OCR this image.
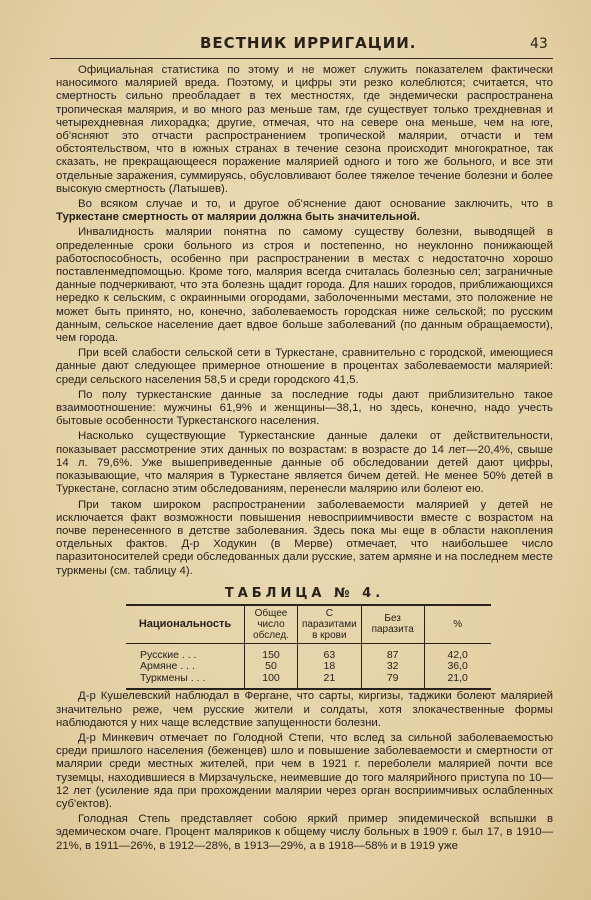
ВЕСТНИК ИРРИГАЦИИ.	43

Официальная статистика по этому и не может служить показателем фактически наносимого малярией вреда. Поэтому, и цифры эти резко колеблются; считается, что смертность сильно преобладает в тех местностях, где эндемически распространена тропическая малярия, и во много раз меньше там, где существует только трехдневная и четырехдневная лихорадка; другие, отмечая, что на севере она меньше, чем на юге, об'ясняют это отчасти распространением тропической малярии, отчасти и тем обстоятельством, что в южных странах в течение сезона происходит многократное, так сказать, не прекращающееся поражение малярией одного и того же больного, и все эти отдельные заражения, суммируясь, обусловливают более тяжелое течение болезни и более высокую смертность (Латышев).

Во всяком случае и то, и другое об'яснение дают основание заключить, что в Туркестане смертность от малярии должна быть значительной.

Инвалидность малярии понятна по самому существу болезни, выводящей в определенные сроки больного из строя и постепенно, но неуклонно понижающей работоспособность, особенно при распространении в местах с недостаточно хорошо поставленмедпомощью. Кроме того, малярия всегда считалась болезнью сел; заграничные данные подчеркивают, что эта болезнь щадит города. Для наших городов, приближающихся нередко к сельским, с окраинными огородами, заболоченными местами, это положение не может быть принято, но, конечно, заболеваемость городская ниже сельской; по русским данным, сельское население дает вдвое больше заболеваний (по данным обращаемости), чем города.

При всей слабости сельской сети в Туркестане, сравнительно с городской, имеющиеся данные дают следующее примерное отношение в процентах заболеваемости малярией: среди сельского населения 58,5 и среди городского 41,5.

По полу туркестанские данные за последние годы дают приблизительно такое взаимоотношение: мужчины 61,9% и женщины—38,1, но здесь, конечно, надо учесть бытовые особенности Туркестанского населения.

Насколько существующие Туркестанские данные далеки от действительности, показывает рассмотрение этих данных по возрастам: в возрасте до 14 лет—20,4%, свыше 14 л. 79,6%. Уже вышеприведенные данные об обследовании детей дают цифры, показывающие, что малярия в Туркестане является бичем детей. Не менее 50% детей в Туркестане, согласно этим обследованиям, перенесли малярию или болеют ею.

При таком широком распространении заболеваемости малярией у детей не исключается факт возможности повышения невосприимчивости вместе с возрастом на почве перенесенного в детстве заболевания. Здесь пока мы еще в области накопления отдельных фактов. Д-р Ходукин (в Мерве) отмечает, что наибольшее число паразитоносителей среди обследованных дали русские, затем армяне и на последнем месте туркмены (см. таблицу 4).

ТАБЛИЦА № 4.
Национальность	Общее число обслед.	С паразитами в крови	Без паразита	%

Русские . . .	150	63	87	42,0
Армяне . . .	50	18	32	36,0
Туркмены . . .	100	21	79	21,0

Д-р Кушелевский наблюдал в Фергане, что сарты, киргизы, таджики болеют малярией значительно реже, чем русские жители и солдаты, хотя злокачественные формы наблюдаются у них чаще вследствие запущенности болезни.

Д-р Минкевич отмечает по Голодной Степи, что вслед за сильной заболеваемостью среди пришлого населения (беженцев) шло и повышение заболеваемости и смертности от малярии среди местных жителей, при чем в 1921 г. переболели малярией почти все туземцы, находившиеся в Мирзачульске, неимевшие до того малярийного приступа по 10—12 лет (усиление яда при прохождении малярии через орган восприимчивых ослабленных суб'ектов).

Голодная Степь представляет собою яркий пример эпидемической вспышки в эдемическом очаге. Процент маляриков к общему числу больных в 1909 г. был 17, в 1910—21%, в 1911—26%, в 1912—28%, в 1913—29%, а в 1918—58% и в 1919 уже
